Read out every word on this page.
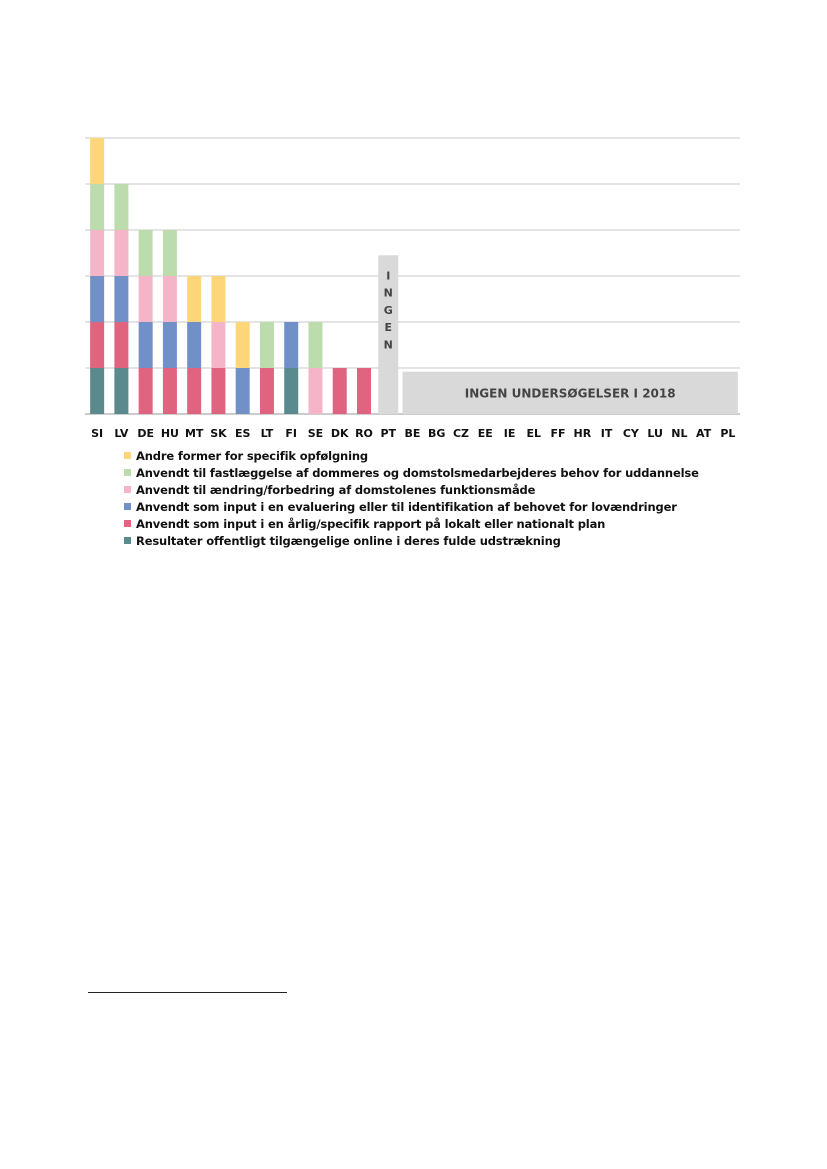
I N G E N
INGEN UNDERSØGELSER I 2018
SI LV DE HU MT SK ES LT FI SE DK RO PT BE BG CZ EE IE EL FF HR IT CY LU NL AT PL
Andre former for specifik opfølgning
Anvendt til fastlæggelse af dommeres og domstolsmedarbejderes behov for uddannelse
Anvendt til ændring/forbedring af domstolenes funktionsmåde
Anvendt som input i en evaluering eller til identifikation af behovet for lovændringer
Anvendt som input i en årlig/specifik rapport på lokalt eller nationalt plan
Resultater offentligt tilgængelige online i deres fulde udstrækning
